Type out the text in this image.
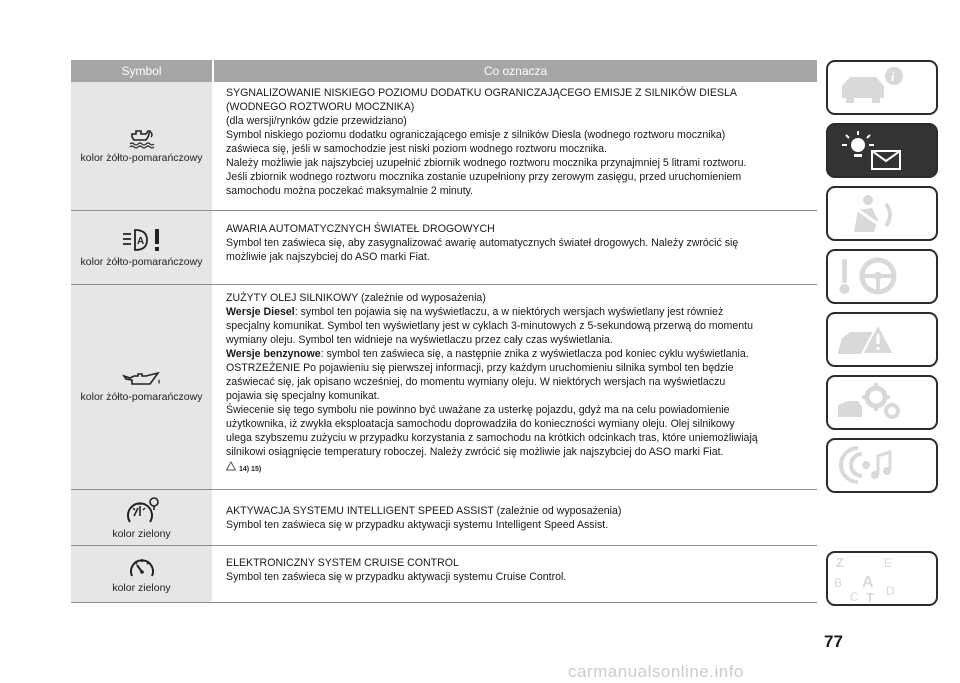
Symbol	Co oznacza
kolor żółto-pomarańczowy

SYGNALIZOWANIE NISKIEGO POZIOMU DODATKU OGRANICZAJĄCEGO EMISJE Z SILNIKÓW DIESLA

(WODNEGO ROZTWORU MOCZNIKA)

(dla wersji/rynków gdzie przewidziano)

Symbol niskiego poziomu dodatku ograniczającego emisje z silników Diesla (wodnego roztworu mocznika)

zaświeca się, jeśli w samochodzie jest niski poziom wodnego roztworu mocznika.

Należy możliwie jak najszybciej uzupełnić zbiornik wodnego roztworu mocznika przynajmniej 5 litrami roztworu.

Jeśli zbiornik wodnego roztworu mocznika zostanie uzupełniony przy zerowym zasięgu, przed uruchomieniem

samochodu można poczekać maksymalnie 2 minuty.

A
kolor żółto-pomarańczowy

AWARIA AUTOMATYCZNYCH ŚWIATEŁ DROGOWYCH

Symbol ten zaświeca się, aby zasygnalizować awarię automatycznych świateł drogowych. Należy zwrócić się

możliwie jak najszybciej do ASO marki Fiat.

kolor żółto-pomarańczowy

ZUŻYTY OLEJ SILNIKOWY (zależnie od wyposażenia)

Wersje Diesel: symbol ten pojawia się na wyświetlaczu, a w niektórych wersjach wyświetlany jest również

specjalny komunikat. Symbol ten wyświetlany jest w cyklach 3-minutowych z 5-sekundową przerwą do momentu

wymiany oleju. Symbol ten widnieje na wyświetlaczu przez cały czas wyświetlania.

Wersje benzynowe: symbol ten zaświeca się, a następnie znika z wyświetlacza pod koniec cyklu wyświetlania.

OSTRZEŻENIE Po pojawieniu się pierwszej informacji, przy każdym uruchomieniu silnika symbol ten będzie

zaświecać się, jak opisano wcześniej, do momentu wymiany oleju. W niektórych wersjach na wyświetlaczu

pojawia się specjalny komunikat.

Świecenie się tego symbolu nie powinno być uważane za usterkę pojazdu, gdyż ma na celu powiadomienie

użytkownika, iż zwykła eksploatacja samochodu doprowadziła do konieczności wymiany oleju. Olej silnikowy

ulega szybszemu zużyciu w przypadku korzystania z samochodu na krótkich odcinkach tras, które uniemożliwiają

silnikowi osiągnięcie temperatury roboczej. Należy zwrócić się możliwie jak najszybciej do ASO marki Fiat.

14) 15)

kolor zielony

AKTYWACJA SYSTEMU INTELLIGENT SPEED ASSIST (zależnie od wyposażenia)

Symbol ten zaświeca się w przypadku aktywacji systemu Intelligent Speed Assist.

kolor zielony

ELEKTRONICZNY SYSTEM CRUISE CONTROL

Symbol ten zaświeca się w przypadku aktywacji systemu Cruise Control.

i
Z	E
B A
C T D
77
carmanualsonline.info
